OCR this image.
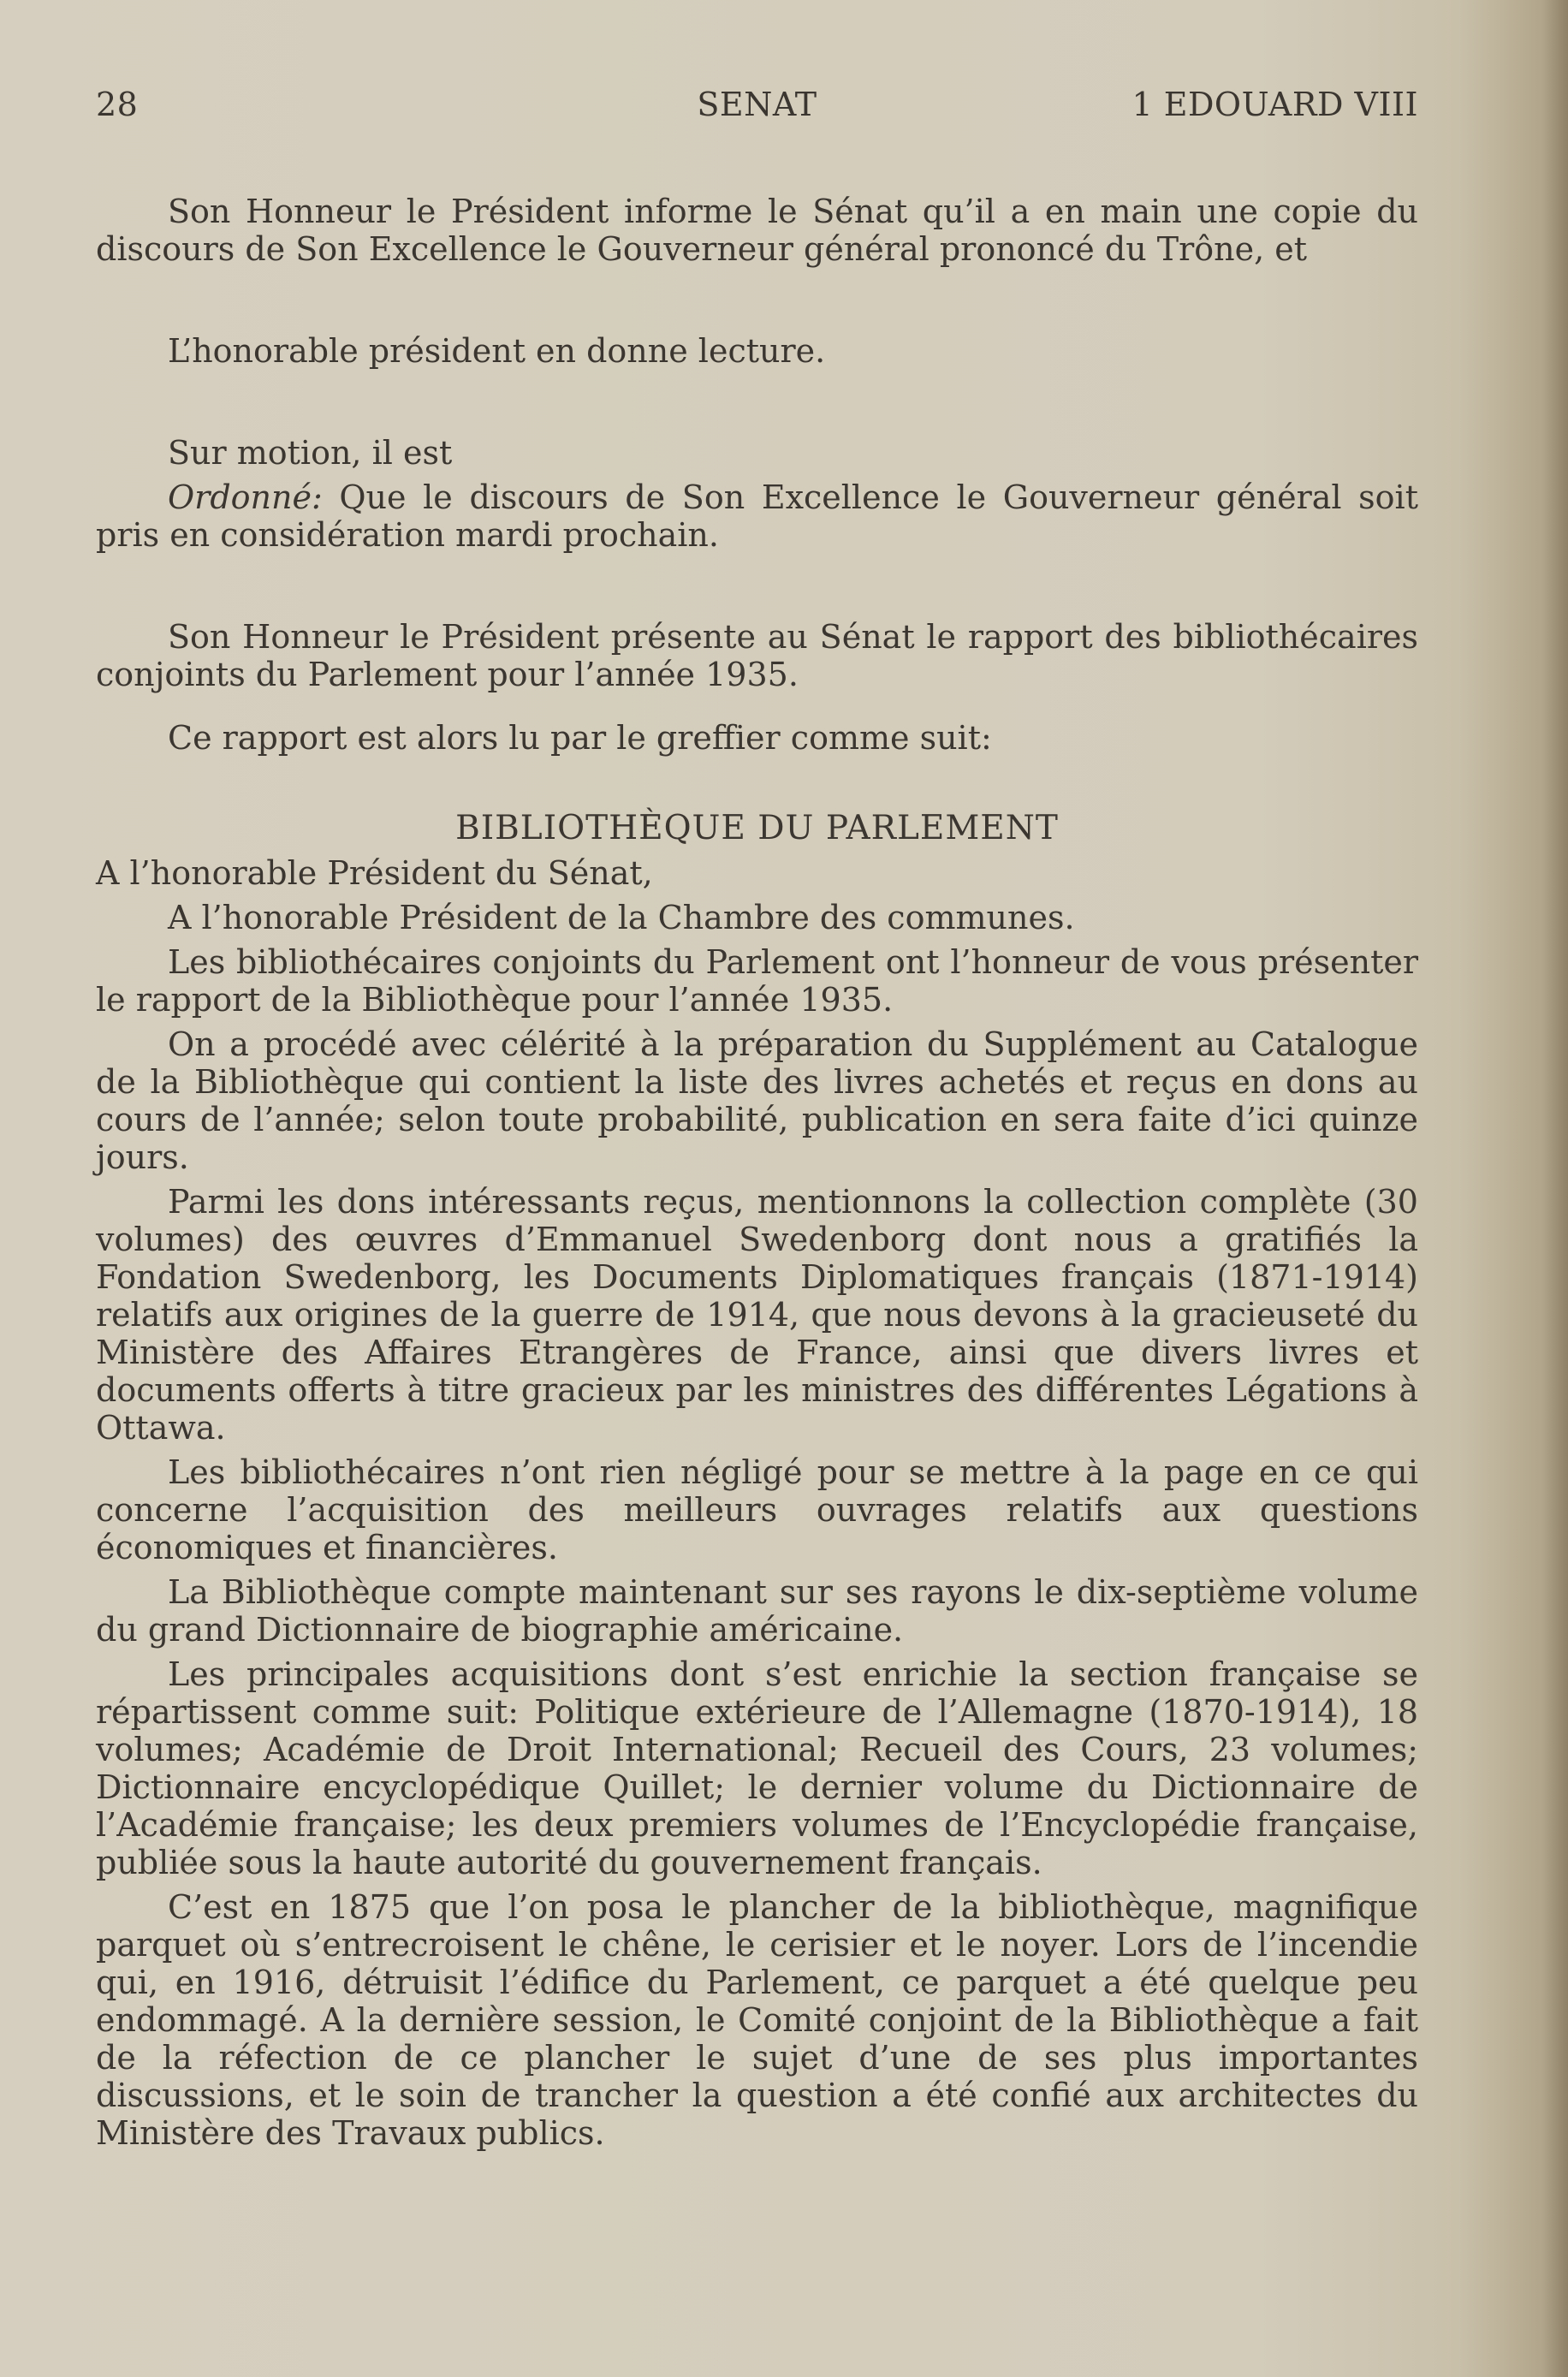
28	SENAT	1 EDOUARD VIII

Son Honneur le Président informe le Sénat qu’il a en main une copie du discours de Son Excellence le Gouverneur général prononcé du Trône, et

L’honorable président en donne lecture.

Sur motion, il est

Ordonné: Que le discours de Son Excellence le Gouverneur général soit pris en considération mardi prochain.

Son Honneur le Président présente au Sénat le rapport des bibliothécaires conjoints du Parlement pour l’année 1935.

Ce rapport est alors lu par le greffier comme suit:

BIBLIOTHÈQUE DU PARLEMENT

A l’honorable Président du Sénat,

A l’honorable Président de la Chambre des communes.

Les bibliothécaires conjoints du Parlement ont l’honneur de vous présenter le rapport de la Bibliothèque pour l’année 1935.

On a procédé avec célérité à la préparation du Supplément au Catalogue de la Bibliothèque qui contient la liste des livres achetés et reçus en dons au cours de l’année; selon toute probabilité, publication en sera faite d’ici quinze jours.

Parmi les dons intéressants reçus, mentionnons la collection complète (30 volumes) des œuvres d’Emmanuel Swedenborg dont nous a gratifiés la Fondation Swedenborg, les Documents Diplomatiques français (1871-1914) relatifs aux origines de la guerre de 1914, que nous devons à la gracieuseté du Ministère des Affaires Etrangères de France, ainsi que divers livres et documents offerts à titre gracieux par les ministres des différentes Légations à Ottawa.

Les bibliothécaires n’ont rien négligé pour se mettre à la page en ce qui concerne l’acquisition des meilleurs ouvrages relatifs aux questions économiques et financières.

La Bibliothèque compte maintenant sur ses rayons le dix-septième volume du grand Dictionnaire de biographie américaine.

Les principales acquisitions dont s’est enrichie la section française se répartissent comme suit: Politique extérieure de l’Allemagne (1870-1914), 18 volumes; Académie de Droit International; Recueil des Cours, 23 volumes; Dictionnaire encyclopédique Quillet; le dernier volume du Dictionnaire de l’Académie française; les deux premiers volumes de l’Encyclopédie française, publiée sous la haute autorité du gouvernement français.

C’est en 1875 que l’on posa le plancher de la bibliothèque, magnifique parquet où s’entrecroisent le chêne, le cerisier et le noyer. Lors de l’incendie qui, en 1916, détruisit l’édifice du Parlement, ce parquet a été quelque peu endommagé. A la dernière session, le Comité conjoint de la Bibliothèque a fait de la réfection de ce plancher le sujet d’une de ses plus importantes discussions, et le soin de trancher la question a été confié aux architectes du Ministère des Travaux publics.
